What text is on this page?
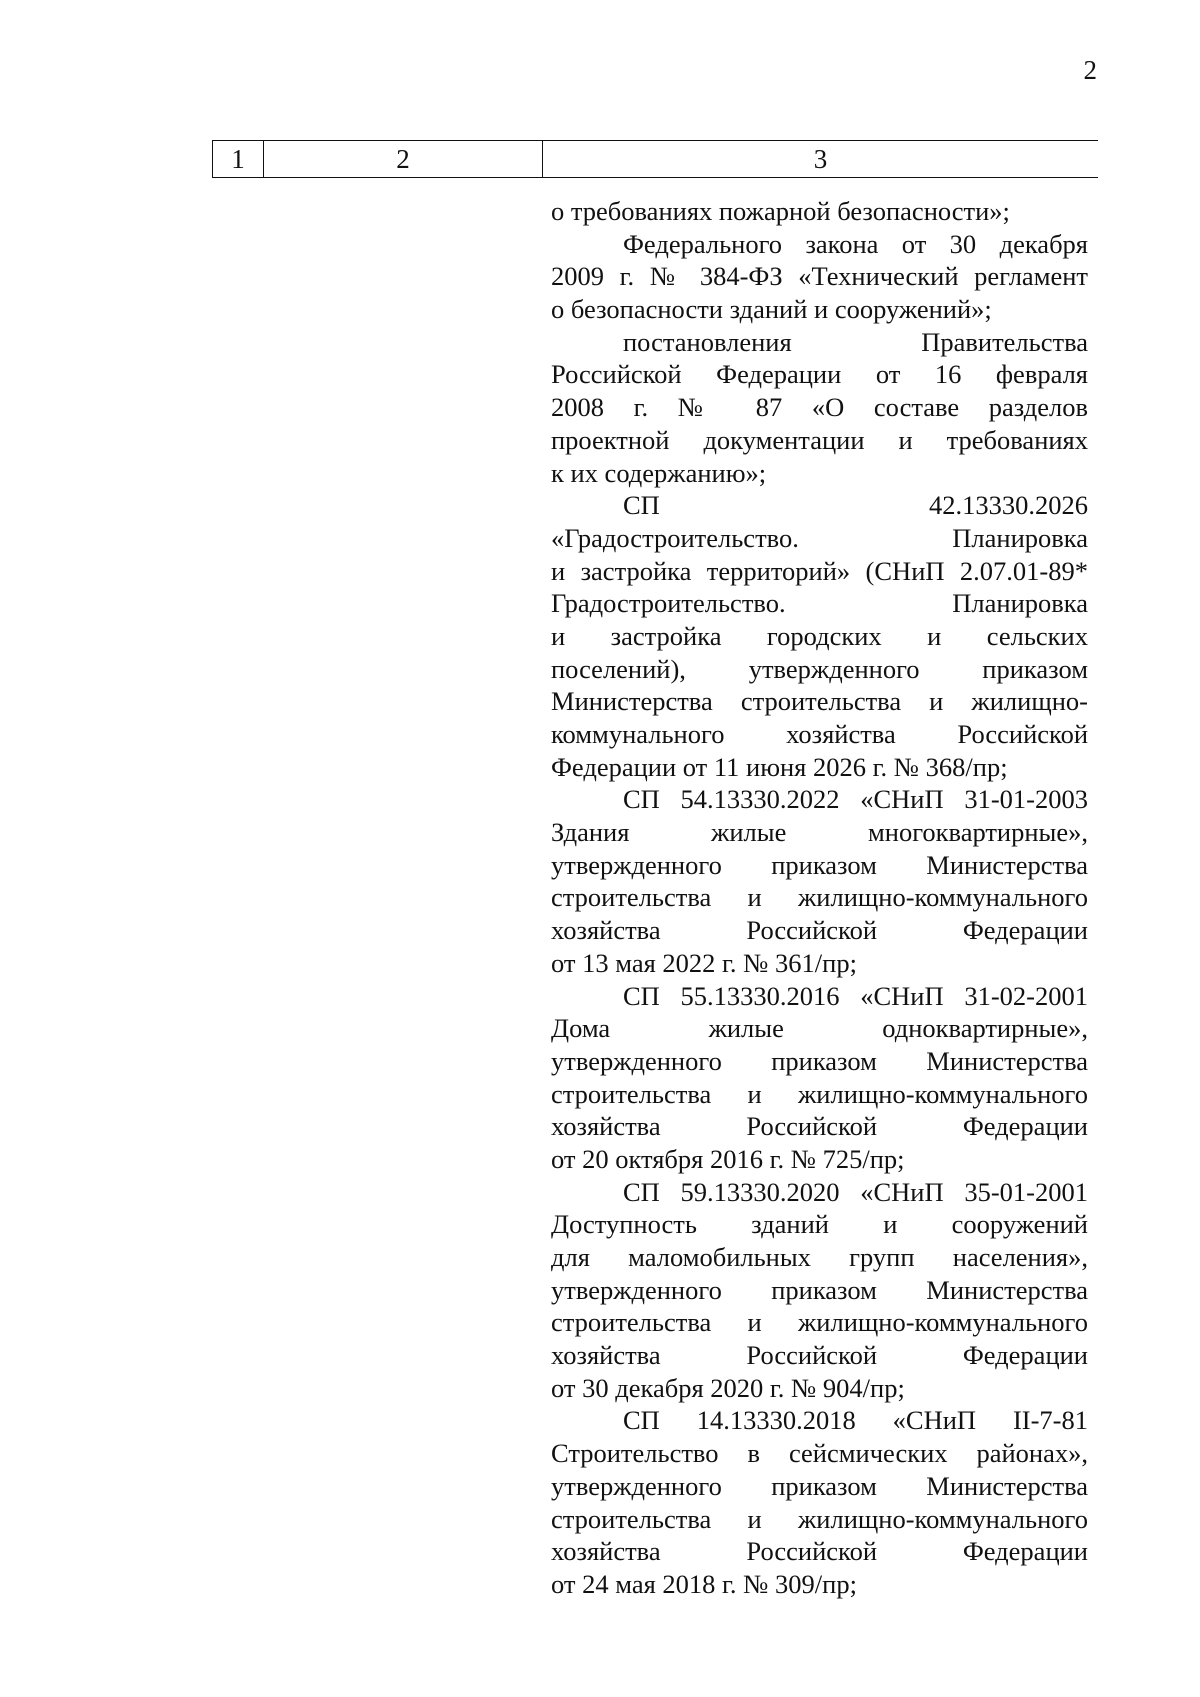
2
1	2	3
о требованиях пожарной безопасности»;
Федерального закона от 30 декабря
2009 г. № 384-ФЗ «Технический регламент
о безопасности зданий и сооружений»;
постановления Правительства
Российской Федерации от 16 февраля
2008 г. № 87 «О составе разделов
проектной документации и требованиях
к их содержанию»;
СП 42.13330.2026
«Градостроительство. Планировка
и застройка территорий» (СНиП 2.07.01-89*
Градостроительство. Планировка
и застройка городских и сельских
поселений), утвержденного приказом
Министерства строительства и жилищно-
коммунального хозяйства Российской
Федерации от 11 июня 2026 г. № 368/пр;
СП 54.13330.2022 «СНиП 31-01-2003
Здания жилые многоквартирные»,
утвержденного приказом Министерства
строительства и жилищно-коммунального
хозяйства Российской Федерации
от 13 мая 2022 г. № 361/пр;
СП 55.13330.2016 «СНиП 31-02-2001
Дома жилые одноквартирные»,
утвержденного приказом Министерства
строительства и жилищно-коммунального
хозяйства Российской Федерации
от 20 октября 2016 г. № 725/пр;
СП 59.13330.2020 «СНиП 35-01-2001
Доступность зданий и сооружений
для маломобильных групп населения»,
утвержденного приказом Министерства
строительства и жилищно-коммунального
хозяйства Российской Федерации
от 30 декабря 2020 г. № 904/пр;
СП 14.13330.2018 «СНиП II-7-81
Строительство в сейсмических районах»,
утвержденного приказом Министерства
строительства и жилищно-коммунального
хозяйства Российской Федерации
от 24 мая 2018 г. № 309/пр;
